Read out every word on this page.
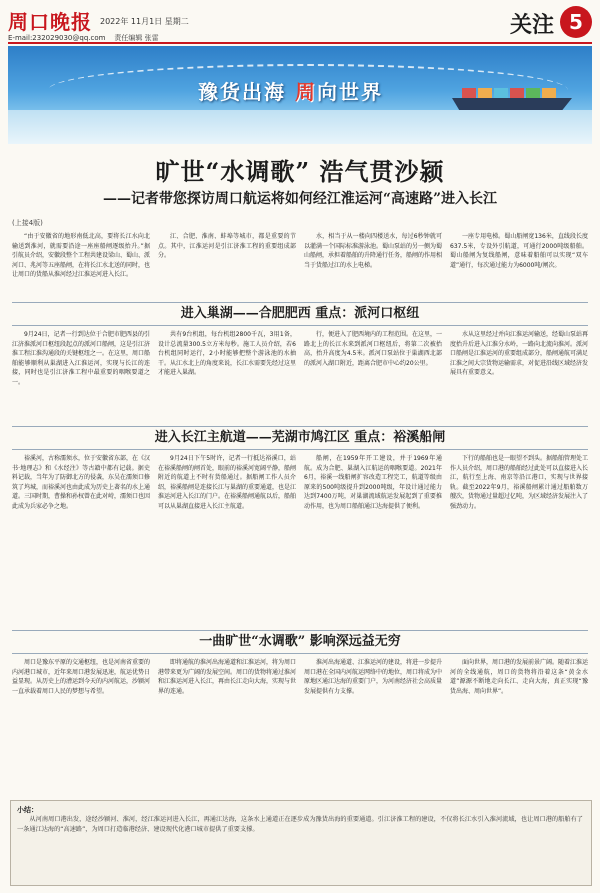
周口晚报 2022年 11月1日 星期二
E-mail:232029030@qq.com 责任编辑 张雷	关注 5
豫货出海 周向世界
旷世“水调歌” 浩气贯沙颍
——记者带您探访周口航运将如何经江淮运河“高速路”进入长江
(上接4版)

“由于安徽省的地形南低北高，要将长江水向北输送到淮河，就需要沿途一座座船闸逐级抬升。”据引航员介绍，安徽段整个工程共建设梁山、蜀山、派河口、兆河等五座船闸，在将长江水北送的同时，也让周口的货船从淮河经过江淮运河进入长江。

江、合肥、淮南、蚌埠等城市，都是重要的节点。其中，江淮运河是引江济淮工程的重要组成部分。

水，相当于从一楼向四楼送水，每过6秒钟就可以灌满一个国际标准游泳池。蜀山泵站的另一侧为蜀山船闸，承担着船舶的升降通行任务，船闸的作用相当于货船过江的水上电梯。

一座专用电梯。蜀山船闸宽136米，直线段长度637.5米，专设外引航道，可通行2000吨级船舶。蜀山船闸为复线船闸，意味着船舶可以实现“双车道”通行，每次通过能力为6000吨/闸次。

进入巢湖——合肥肥西 重点：派河口枢纽

9月24日，记者一行到达位于合肥市肥西县的引江济淮派河口枢纽段起点的派河口船闸，这是引江济淮工程江淮沟通段的关键枢纽之一。在这里，周口船舶能够顺利从巢湖进入江淮运河，实现与长江的连接，同时也是引江济淮工程中最重要的咽喉要道之一。

共有9台机组，每台机组2800千瓦，3用1备，设计总流量300.5立方米每秒。施工人员介绍，若6台机组同时运行，2小时能够把整个游泳池的水抽干。从江水北上的角度来说，长江水需要先经过这里才能进入巢湖。

行，便进入了肥西境内的工程范围。在这里，一路北上的长江水来到派河口枢纽后，将第二次被抬高，抬升高度为4.5米。派河口泵站位于巢湖西北部的派河入湖口附近，距离合肥市中心约20公里。

水从这里经过并向江淮运河输送，经蜀山泵站再度抬升后进入江淮分水岭，一路向北流向淮河。派河口船闸是江淮运河的重要组成部分，船闸通航可满足江淮之间大宗货物运输需求，对促进沿线区域经济发展具有重要意义。

进入长江主航道——芜湖市鸠江区 重点：裕溪船闸

裕溪河，古称濡须水，位于安徽省东部，在《汉书·地理志》和《水经注》等古籍中都有记载。据史料记载，当年为了防御北方的侵袭，东吴在濡须口修筑了坞城，而裕溪河也由此成为历史上著名的水上通道。三国时期，曹操和孙权曾在此对峙，濡须口也因此成为兵家必争之地。

9月24日下午5时许，记者一行抵达裕溪口，站在裕溪船闸的闸首处，眼前的裕溪河宽阔平静，船闸附近的航道上不时有货船通过。据船闸工作人员介绍，裕溪船闸是连接长江与巢湖的重要通道，也是江淮运河进入长江的门户。在裕溪船闸通航以后，船舶可以从巢湖直接进入长江主航道。

船闸，在1959年开工建设，并于1969年通航。成为合肥、巢湖入江航运的咽喉要道。2021年6月，裕溪一线船闸扩容改造工程完工，航道等级由原来的500吨级提升到2000吨级，年设计通过能力达到7400万吨，对巢湖流域航运发展起到了重要推动作用，也为周口船舶通江达海提供了便利。

下行的船舶也是一眼望不到头。据船舶管理处工作人员介绍，周口港的船舶经过此处可以直接进入长江，航行至上海、南京等沿江港口，实现与世界接轨。截至2022年9月，裕溪船闸累计通过船舶数万艘次，货物通过量超过亿吨，为区域经济发展注入了强劲动力。

一曲旷世“水调歌” 影响深远益无穷

周口是豫东平原的交通枢纽，也是河南省重要的内河港口城市，近年来周口港发展迅速，航运优势日益显现。从历史上的漕运到今天的内河航运，沙颍河一直承载着周口人民的梦想与希望。

即将通航的淮河出海通道和江淮运河，将为周口港带来更为广阔的发展空间。周口的货物将通过淮河和江淮运河进入长江，再由长江走向大海，实现与世界的连通。

淮河出海通道、江淮运河的建设，将进一步提升周口港在全国内河航运网络中的地位，周口将成为中原地区通江达海的重要门户，为河南经济社会高质量发展提供有力支撑。

面向世界，周口港的发展前景广阔。随着江淮运河的全线通航，周口的货物将沿着这条“黄金水道”源源不断地走向长江、走向大海，真正实现“豫货出海、周向世界”。

小结：
从河南周口港出发，途经沙颍河、淮河，经江淮运河进入长江，再通江达海，这条水上通道正在逐步成为豫货出海的重要通道。引江济淮工程的建设，不仅将长江水引入淮河流域，也让周口港的船舶有了一条通江达海的“高速路”，为周口打造临港经济、建设现代化港口城市提供了重要支撑。
